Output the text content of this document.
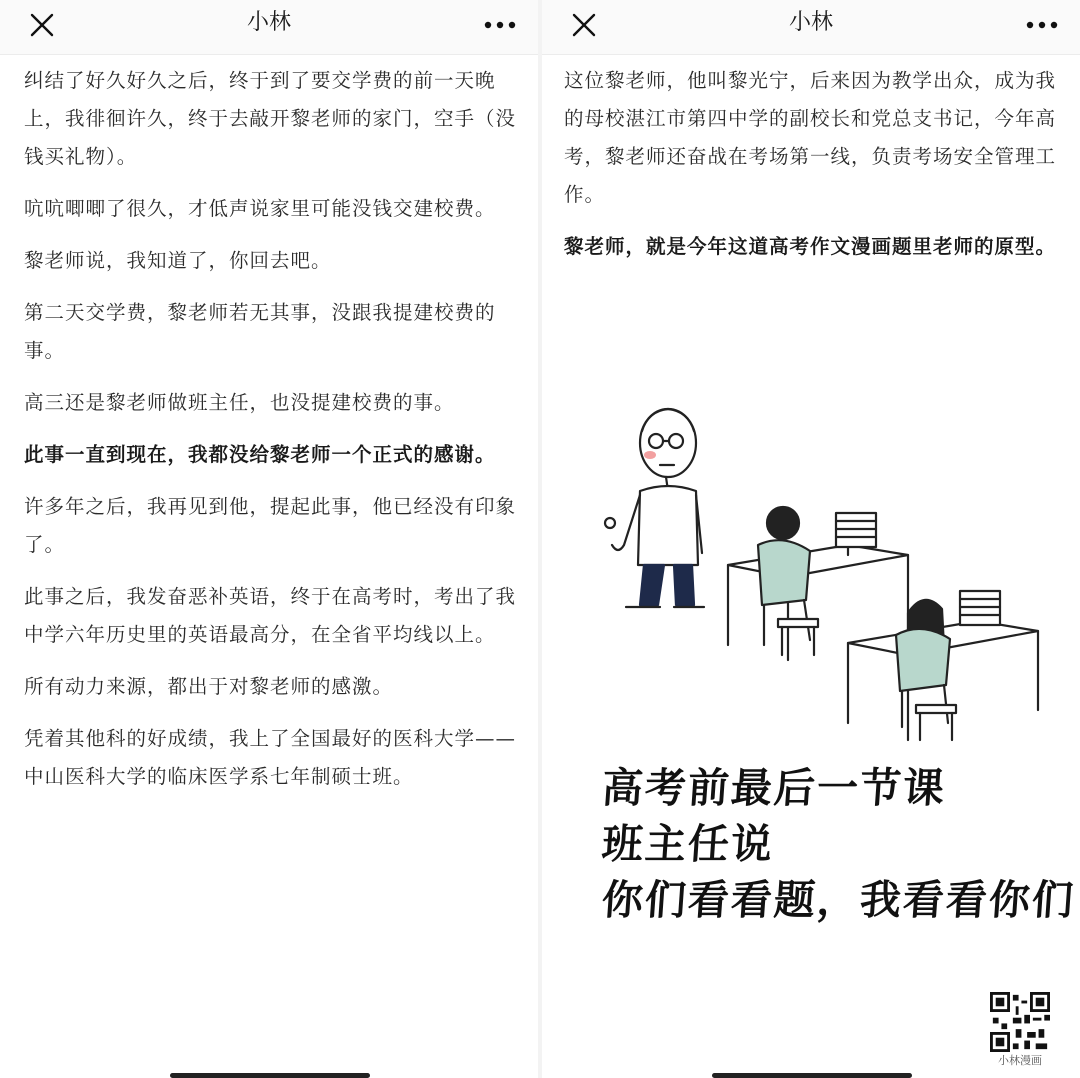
小林

纠结了好久好久之后，终于到了要交学费的前一天晚上，我徘徊许久，终于去敲开黎老师的家门，空手（没钱买礼物）。

吭吭唧唧了很久，才低声说家里可能没钱交建校费。

黎老师说，我知道了，你回去吧。

第二天交学费，黎老师若无其事，没跟我提建校费的事。

高三还是黎老师做班主任，也没提建校费的事。

此事一直到现在，我都没给黎老师一个正式的感谢。

许多年之后，我再见到他，提起此事，他已经没有印象了。

此事之后，我发奋恶补英语，终于在高考时，考出了我中学六年历史里的英语最高分，在全省平均线以上。

所有动力来源，都出于对黎老师的感激。

凭着其他科的好成绩，我上了全国最好的医科大学——中山医科大学的临床医学系七年制硕士班。

小林

这位黎老师，他叫黎光宁，后来因为教学出众，成为我的母校湛江市第四中学的副校长和党总支书记，今年高考，黎老师还奋战在考场第一线，负责考场安全管理工作。

黎老师，就是今年这道高考作文漫画题里老师的原型。

高考前最后一节课
班主任说
你们看看题，我看看你们
小林漫画
